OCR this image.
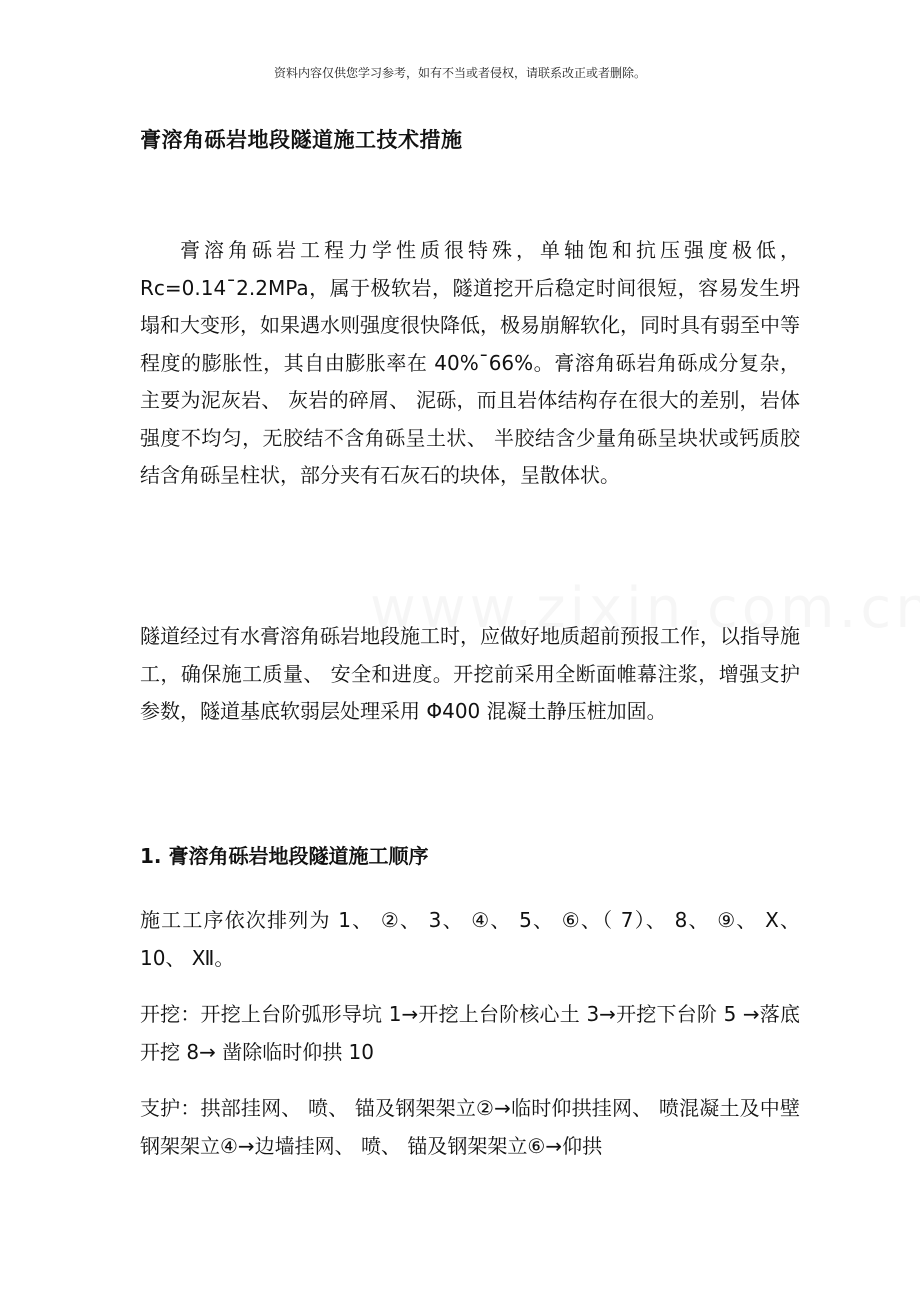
资料内容仅供您学习参考，如有不当或者侵权，请联系改正或者删除。
膏溶角砾岩地段隧道施工技术措施
膏溶角砾岩工程力学性质很特殊，单轴饱和抗压强度极低，Rc=0.14¯2.2MPa，属于极软岩，隧道挖开后稳定时间很短，容易发生坍塌和大变形，如果遇水则强度很快降低，极易崩解软化，同时具有弱至中等程度的膨胀性，其自由膨胀率在 40%¯66%。膏溶角砾岩角砾成分复杂，主要为泥灰岩、 灰岩的碎屑、 泥砾，而且岩体结构存在很大的差别，岩体强度不均匀，无胶结不含角砾呈土状、 半胶结含少量角砾呈块状或钙质胶结含角砾呈柱状，部分夹有石灰石的块体，呈散体状。
隧道经过有水膏溶角砾岩地段施工时，应做好地质超前预报工作，以指导施工，确保施工质量、 安全和进度。开挖前采用全断面帷幕注浆，增强支护参数，隧道基底软弱层处理采用 Φ400 混凝土静压桩加固。
1. 膏溶角砾岩地段隧道施工顺序
施工工序依次排列为 1、 ②、 3、 ④、 5、 ⑥、（ 7）、 8、 ⑨、 X、 10、 Ⅻ。
开挖：开挖上台阶弧形导坑 1→开挖上台阶核心土 3→开挖下台阶 5 →落底开挖 8→ 凿除临时仰拱 10
支护：拱部挂网、 喷、 锚及钢架架立②→临时仰拱挂网、 喷混凝土及中壁钢架架立④→边墙挂网、 喷、 锚及钢架架立⑥→仰拱
